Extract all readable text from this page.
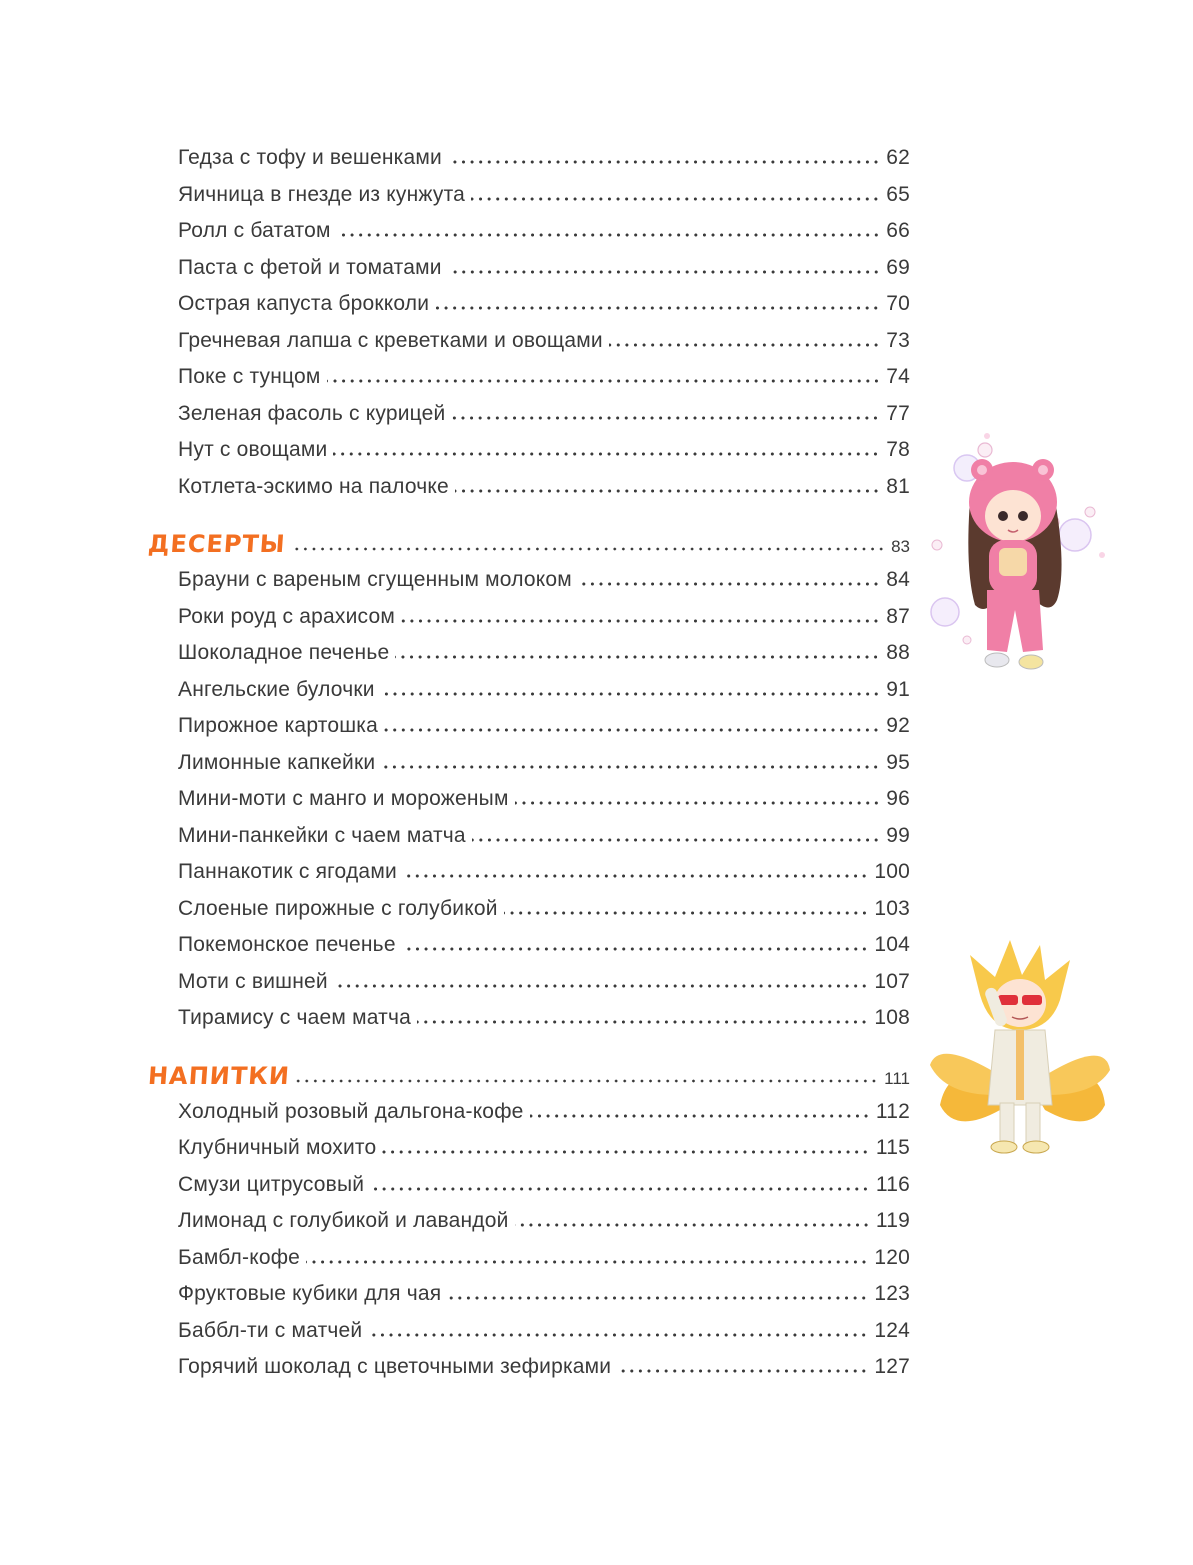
Гедза с тофу и вешенками	62
Яичница в гнезде из кунжута	65
Ролл с бататом	66
Паста с фетой и томатами	69
Острая капуста брокколи	70
Гречневая лапша с креветками и овощами	73
Поке с тунцом	74
Зеленая фасоль с курицей	77
Нут с овощами	78
Котлета-эскимо на палочке	81
ДЕСЕРТЫ	83
Брауни с вареным сгущенным молоком	84
Роки роуд с арахисом	87
Шоколадное печенье	88
Ангельские булочки	91
Пирожное картошка	92
Лимонные капкейки	95
Мини-моти с манго и мороженым	96
Мини-панкейки с чаем матча	99
Паннакотик с ягодами	100
Слоеные пирожные с голубикой	103
Покемонское печенье	104
Моти с вишней	107
Тирамису с чаем матча	108
НАПИТКИ	111
Холодный розовый дальгона-кофе	112
Клубничный мохито	115
Смузи цитрусовый	116
Лимонад с голубикой и лавандой	119
Бамбл-кофе	120
Фруктовые кубики для чая	123
Баббл-ти с матчей	124
Горячий шоколад с цветочными зефирками	127
